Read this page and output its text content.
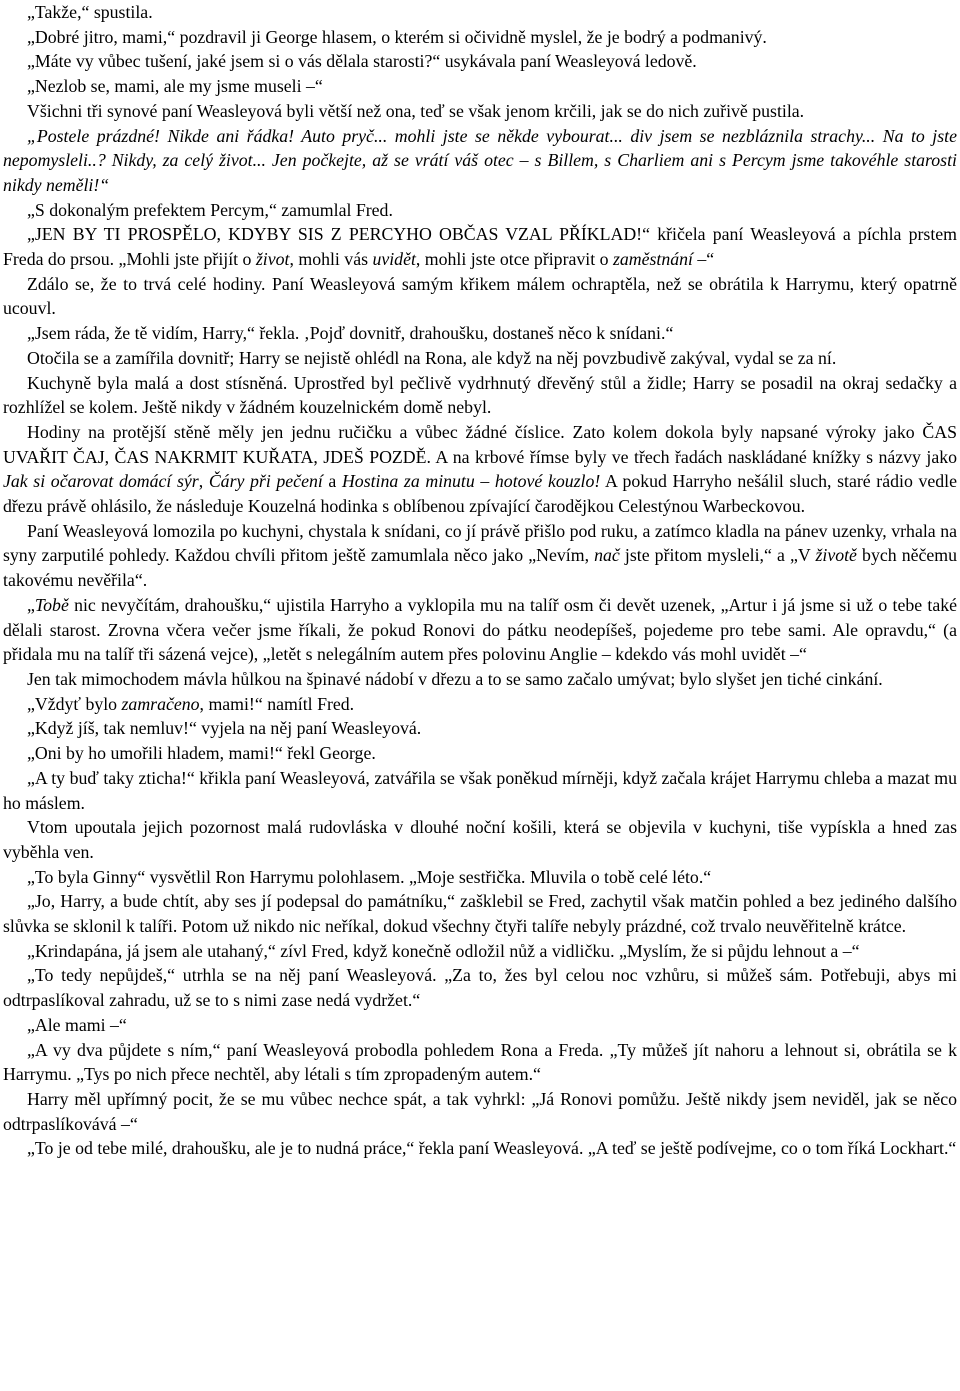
„Takže,“ spustila.

„Dobré jitro, mami,“ pozdravil ji George hlasem, o kterém si očividně myslel, že je bodrý a podmanivý.

„Máte vy vůbec tušení, jaké jsem si o vás dělala starosti?“ usykávala paní Weasleyová ledově.

„Nezlob se, mami, ale my jsme museli –“

Všichni tři synové paní Weasleyová byli větší než ona, teď se však jenom krčili, jak se do nich zuřivě pustila.

„Postele prázdné! Nikde ani řádka! Auto pryč... mohli jste se někde vybourat... div jsem se nezbláznila strachy... Na to jste nepomysleli..? Nikdy, za celý život... Jen počkejte, až se vrátí váš otec – s Billem, s Charliem ani s Percym jsme takovéhle starosti nikdy neměli!“

„S dokonalým prefektem Percym,“ zamumlal Fred.

„JEN BY TI PROSPĚLO, KDYBY SIS Z PERCYHO OBČAS VZAL PŘÍKLAD!“ křičela paní Weasleyová a píchla prstem Freda do prsou. „Mohli jste přijít o život, mohli vás uvidět, mohli jste otce připravit o zaměstnání –“

Zdálo se, že to trvá celé hodiny. Paní Weasleyová samým křikem málem ochraptěla, než se obrátila k Harrymu, který opatrně ucouvl.

„Jsem ráda, že tě vidím, Harry,“ řekla. ‚Pojď dovnitř, drahoušku, dostaneš něco k snídani.“

Otočila se a zamířila dovnitř; Harry se nejistě ohlédl na Rona, ale když na něj povzbudivě zakýval, vydal se za ní.

Kuchyně byla malá a dost stísněná. Uprostřed byl pečlivě vydrhnutý dřevěný stůl a židle; Harry se posadil na okraj sedačky a rozhlížel se kolem. Ještě nikdy v žádném kouzelnickém domě nebyl.

Hodiny na protější stěně měly jen jednu ručičku a vůbec žádné číslice. Zato kolem dokola byly napsané výroky jako ČAS UVAŘIT ČAJ, ČAS NAKRMIT KUŘATA, JDEŠ POZDĚ. A na krbové římse byly ve třech řadách naskládané knížky s názvy jako Jak si očarovat domácí sýr, Čáry při pečení a Hostina za minutu – hotové kouzlo! A pokud Harryho nešálil sluch, staré rádio vedle dřezu právě ohlásilo, že následuje Kouzelná hodinka s oblíbenou zpívající čarodějkou Celestýnou Warbeckovou.

Paní Weasleyová lomozila po kuchyni, chystala k snídani, co jí právě přišlo pod ruku, a zatímco kladla na pánev uzenky, vrhala na syny zarputilé pohledy. Každou chvíli přitom ještě zamumlala něco jako „Nevím, nač jste přitom mysleli,“ a „V životě bych něčemu takovému nevěřila“.

„Tobě nic nevyčítám, drahoušku,“ ujistila Harryho a vyklopila mu na talíř osm či devět uzenek, „Artur i já jsme si už o tebe také dělali starost. Zrovna včera večer jsme říkali, že pokud Ronovi do pátku neodepíšeš, pojedeme pro tebe sami. Ale opravdu,“ (a přidala mu na talíř tři sázená vejce), „letět s nelegálním autem přes polovinu Anglie – kdekdo vás mohl uvidět –“

Jen tak mimochodem mávla hůlkou na špinavé nádobí v dřezu a to se samo začalo umývat; bylo slyšet jen tiché cinkání.

„Vždyť bylo zamračeno, mami!“ namítl Fred.

„Když jíš, tak nemluv!“ vyjela na něj paní Weasleyová.

„Oni by ho umořili hladem, mami!“ řekl George.

„A ty buď taky zticha!“ křikla paní Weasleyová, zatvářila se však poněkud mírněji, když začala krájet Harrymu chleba a mazat mu ho máslem.

Vtom upoutala jejich pozornost malá rudovláska v dlouhé noční košili, která se objevila v kuchyni, tiše vypískla a hned zas vyběhla ven.

„To byla Ginny“ vysvětlil Ron Harrymu polohlasem. „Moje sestřička. Mluvila o tobě celé léto.“

„Jo, Harry, a bude chtít, aby ses jí podepsal do památníku,“ zašklebil se Fred, zachytil však matčin pohled a bez jediného dalšího slůvka se sklonil k talíři. Potom už nikdo nic neříkal, dokud všechny čtyři talíře nebyly prázdné, což trvalo neuvěřitelně krátce.

„Krindapána, já jsem ale utahaný,“ zívl Fred, když konečně odložil nůž a vidličku. „Myslím, že si půjdu lehnout a –“

„To tedy nepůjdeš,“ utrhla se na něj paní Weasleyová. „Za to, žes byl celou noc vzhůru, si můžeš sám. Potřebuji, abys mi odtrpaslíkoval zahradu, už se to s nimi zase nedá vydržet.“

„Ale mami –“

„A vy dva půjdete s ním,“ paní Weasleyová probodla pohledem Rona a Freda. „Ty můžeš jít nahoru a lehnout si, obrátila se k Harrymu. „Tys po nich přece nechtěl, aby létali s tím zpropadeným autem.“

Harry měl upřímný pocit, že se mu vůbec nechce spát, a tak vyhrkl: „Já Ronovi pomůžu. Ještě nikdy jsem neviděl, jak se něco odtrpaslíkovává –“

„To je od tebe milé, drahoušku, ale je to nudná práce,“ řekla paní Weasleyová. „A teď se ještě podívejme, co o tom říká Lockhart.“
